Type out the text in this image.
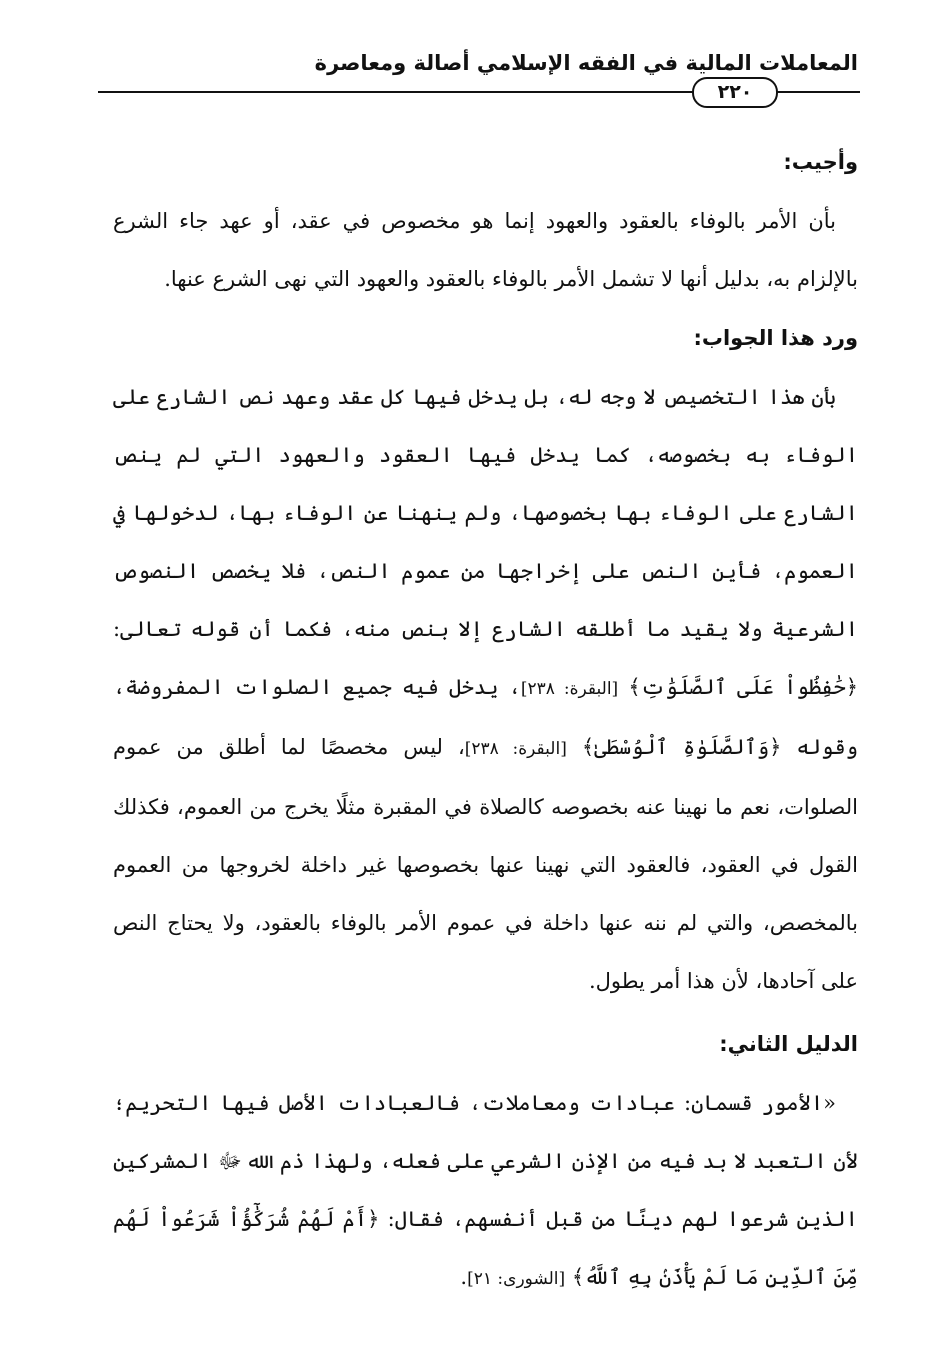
المعاملات المالية في الفقه الإسلامي أصالة ومعاصرة
٢٢٠

وأجيب:

بأن الأمر بالوفاء بالعقود والعهود إنما هو مخصوص في عقد، أو عهد جاء الشرع بالإلزام به، بدليل أنها لا تشمل الأمر بالوفاء بالعقود والعهود التي نهى الشرع عنها.

ورد هذا الجواب:

بأن هذا التخصيص لا وجه له، بل يدخل فيها كل عقد وعهد نص الشارع على الوفاء به بخصوصه، كما يدخل فيها العقود والعهود التي لم ينص الشارع على الوفاء بها بخصوصها، ولم ينهنا عن الوفاء بها، لدخولها في العموم، فأين النص على إخراجها من عموم النص، فلا يخصص النصوص الشرعية ولا يقيد ما أطلقه الشارع إلا بنص منه، فكما أن قوله تعالى: ﴿حَٰفِظُواْ عَلَى ٱلصَّلَوَٰتِ﴾ [البقرة: ٢٣٨]، يدخل فيه جميع الصلوات المفروضة، وقوله ﴿وَٱلصَّلَوٰةِ ٱلْوُسْطَىٰ﴾ [البقرة: ٢٣٨]، ليس مخصصًا لما أطلق من عموم الصلوات، نعم ما نهينا عنه بخصوصه كالصلاة في المقبرة مثلًا يخرج من العموم، فكذلك القول في العقود، فالعقود التي نهينا عنها بخصوصها غير داخلة لخروجها من العموم بالمخصص، والتي لم ننه عنها داخلة في عموم الأمر بالوفاء بالعقود، ولا يحتاج النص على آحادها، لأن هذا أمر يطول.

الدليل الثاني:

«الأمور قسمان: عبادات ومعاملات، فالعبادات الأصل فيها التحريم؛ لأن التعبد لا بد فيه من الإذن الشرعي على فعله، ولهذا ذم الله ﷻ المشركين الذين شرعوا لهم دينًا من قبل أنفسهم، فقال: ﴿أَمْ لَهُمْ شُرَكَٰٓؤُاْ شَرَعُواْ لَهُم مِّنَ ٱلدِّينِ مَا لَمْ يَأْذَنۢ بِهِ ٱللَّهُ﴾ [الشورى: ٢١].
